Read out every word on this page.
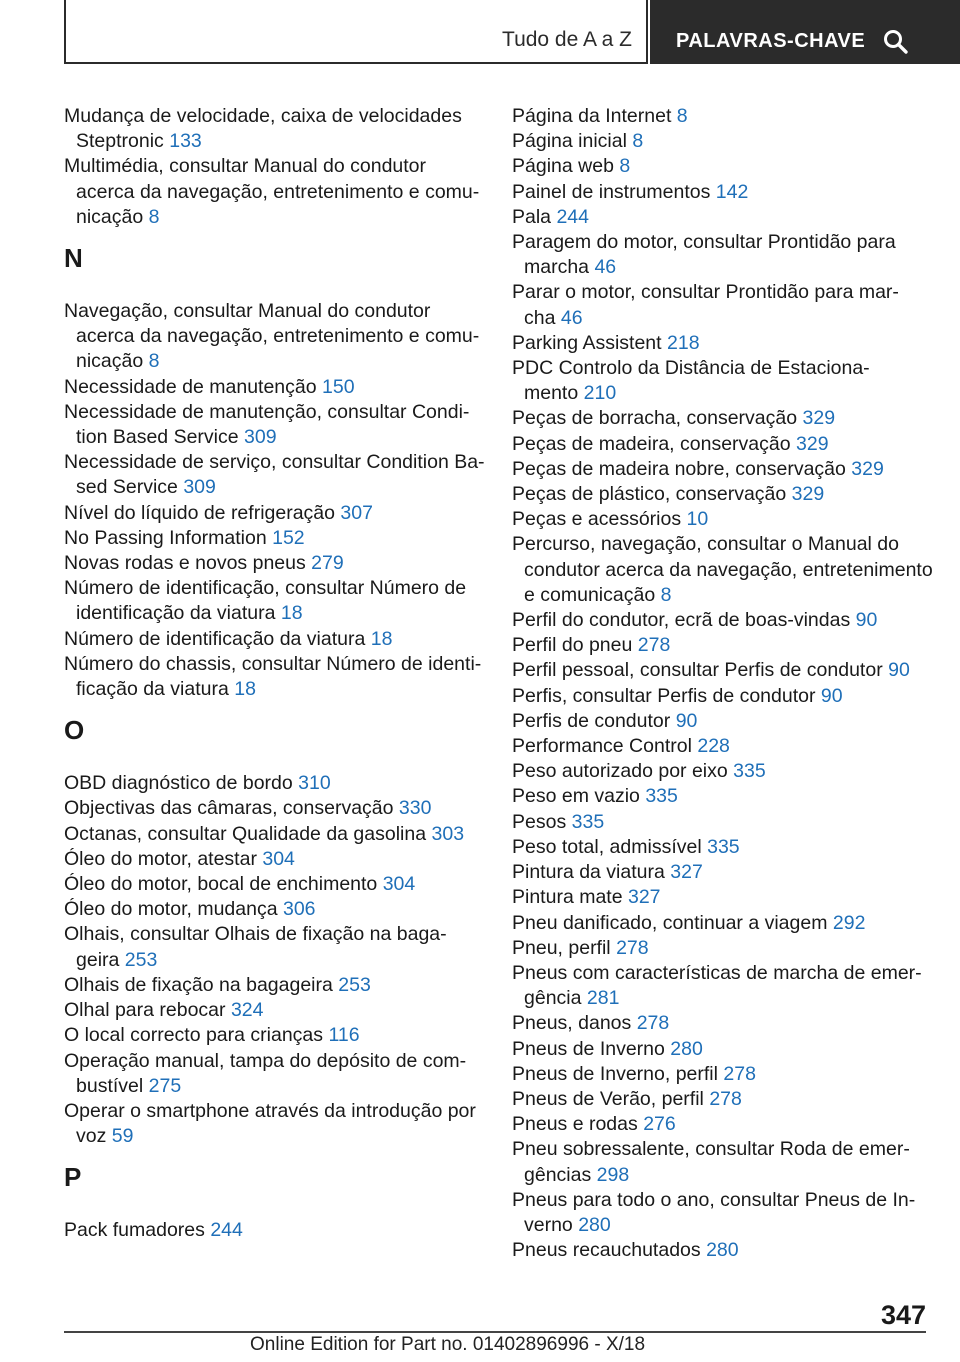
Tudo de A a Z PALAVRAS-CHAVE

Mudança de velocidade, caixa de velocidades
Steptronic 133

Multimédia, consultar Manual do condutor
acerca da navegação, entretenimento e comu-
nicação 8

N

Navegação, consultar Manual do condutor
acerca da navegação, entretenimento e comu-
nicação 8

Necessidade de manutenção 150

Necessidade de manutenção, consultar Condi-
tion Based Service 309

Necessidade de serviço, consultar Condition Ba-
sed Service 309

Nível do líquido de refrigeração 307

No Passing Information 152

Novas rodas e novos pneus 279

Número de identificação, consultar Número de
identificação da viatura 18

Número de identificação da viatura 18

Número do chassis, consultar Número de identi-
ficação da viatura 18

O

OBD diagnóstico de bordo 310

Objectivas das câmaras, conservação 330

Octanas, consultar Qualidade da gasolina 303

Óleo do motor, atestar 304

Óleo do motor, bocal de enchimento 304

Óleo do motor, mudança 306

Olhais, consultar Olhais de fixação na baga-
geira 253

Olhais de fixação na bagageira 253

Olhal para rebocar 324

O local correcto para crianças 116

Operação manual, tampa do depósito de com-
bustível 275

Operar o smartphone através da introdução por
voz 59

P

Pack fumadores 244

Página da Internet 8

Página inicial 8

Página web 8

Painel de instrumentos 142

Pala 244

Paragem do motor, consultar Prontidão para
marcha 46

Parar o motor, consultar Prontidão para mar-
cha 46

Parking Assistent 218

PDC Controlo da Distância de Estaciona-
mento 210

Peças de borracha, conservação 329

Peças de madeira, conservação 329

Peças de madeira nobre, conservação 329

Peças de plástico, conservação 329

Peças e acessórios 10

Percurso, navegação, consultar o Manual do
condutor acerca da navegação, entretenimento
e comunicação 8

Perfil do condutor, ecrã de boas-vindas 90

Perfil do pneu 278

Perfil pessoal, consultar Perfis de condutor 90

Perfis, consultar Perfis de condutor 90

Perfis de condutor 90

Performance Control 228

Peso autorizado por eixo 335

Peso em vazio 335

Pesos 335

Peso total, admissível 335

Pintura da viatura 327

Pintura mate 327

Pneu danificado, continuar a viagem 292

Pneu, perfil 278

Pneus com características de marcha de emer-
gência 281

Pneus, danos 278

Pneus de Inverno 280

Pneus de Inverno, perfil 278

Pneus de Verão, perfil 278

Pneus e rodas 276

Pneu sobressalente, consultar Roda de emer-
gências 298

Pneus para todo o ano, consultar Pneus de In-
verno 280

Pneus recauchutados 280

347
Online Edition for Part no. 01402896996 - X/18
